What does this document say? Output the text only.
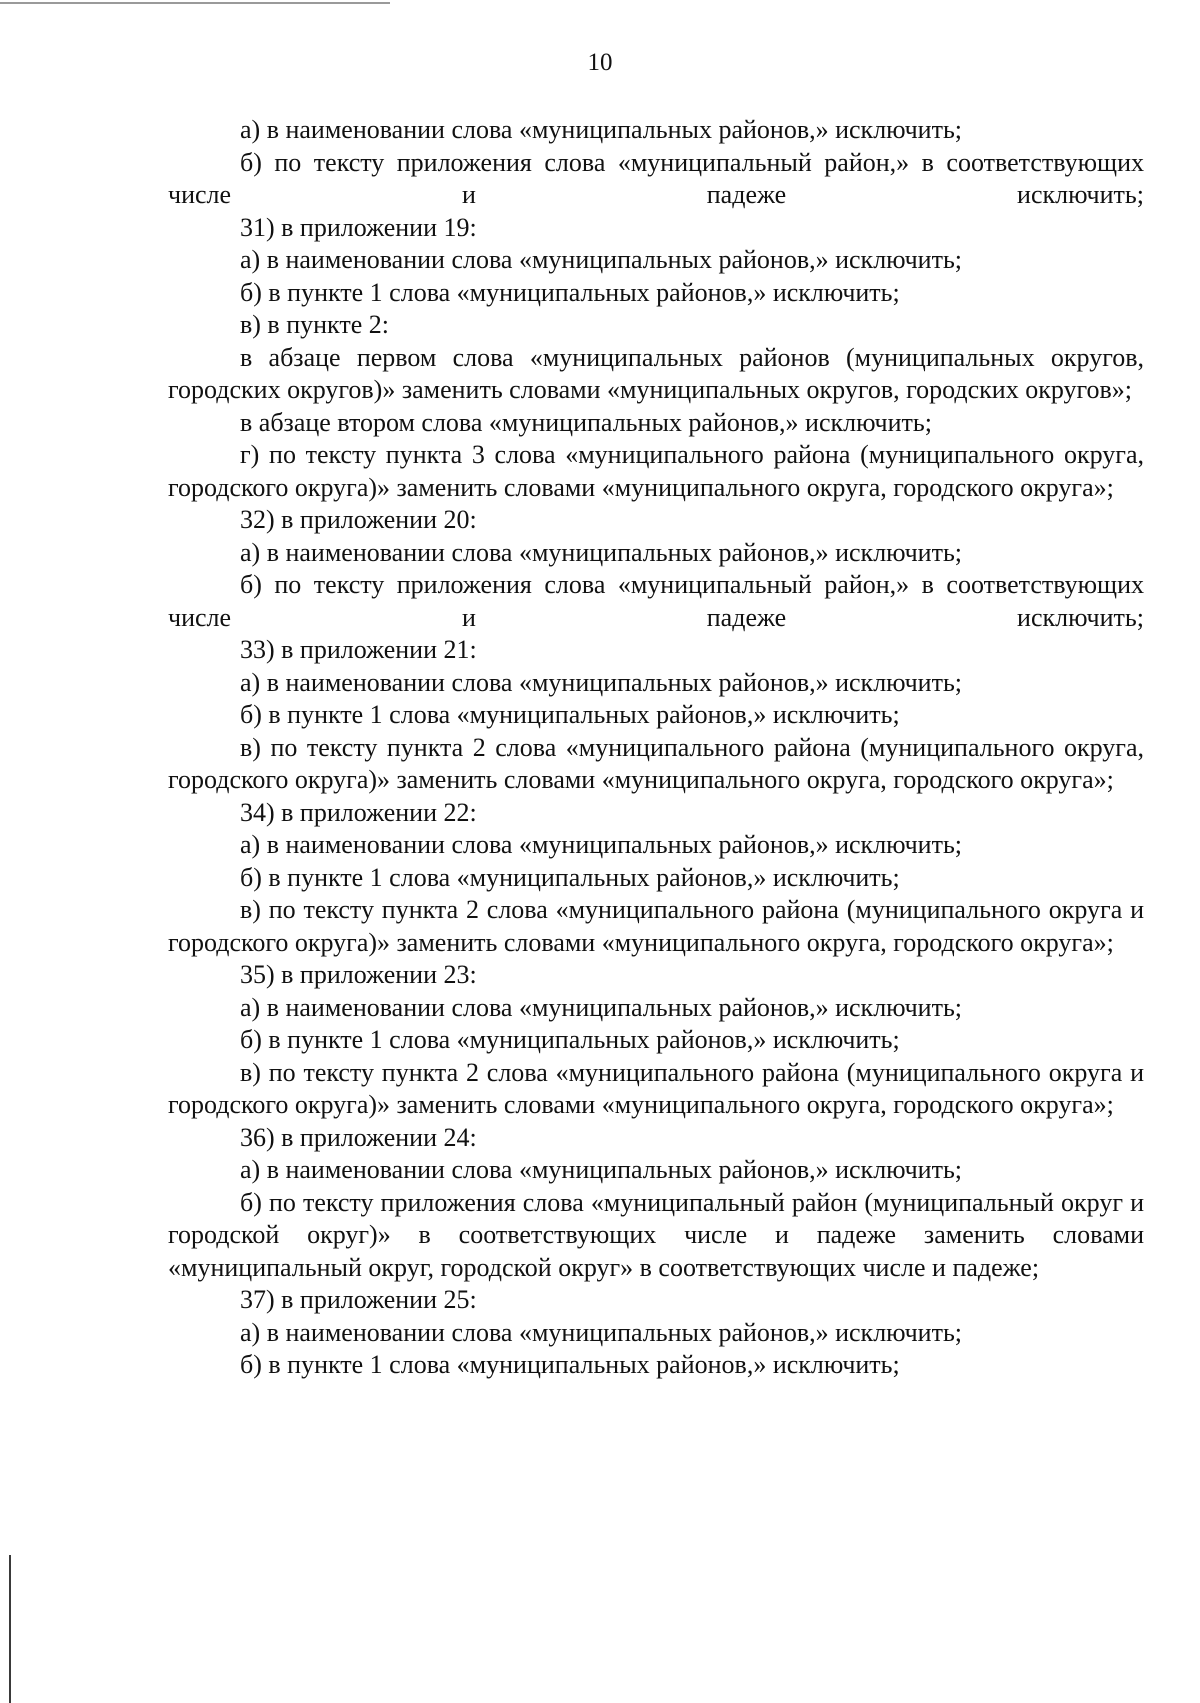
10

а) в наименовании слова «муниципальных районов,» исключить;

б) по тексту приложения слова «муниципальный район,» в соответствующих числе и падеже исключить;

31) в приложении 19:

а) в наименовании слова «муниципальных районов,» исключить;

б) в пункте 1 слова «муниципальных районов,» исключить;

в) в пункте 2:

в абзаце первом слова «муниципальных районов (муниципальных округов, городских округов)» заменить словами «муниципальных округов, городских округов»;

в абзаце втором слова «муниципальных районов,» исключить;

г) по тексту пункта 3 слова «муниципального района (муниципального округа, городского округа)» заменить словами «муниципального округа, городского округа»;

32) в приложении 20:

а) в наименовании слова «муниципальных районов,» исключить;

б) по тексту приложения слова «муниципальный район,» в соответствующих числе и падеже исключить;

33) в приложении 21:

а) в наименовании слова «муниципальных районов,» исключить;

б) в пункте 1 слова «муниципальных районов,» исключить;

в) по тексту пункта 2 слова «муниципального района (муниципального округа, городского округа)» заменить словами «муниципального округа, городского округа»;

34) в приложении 22:

а) в наименовании слова «муниципальных районов,» исключить;

б) в пункте 1 слова «муниципальных районов,» исключить;

в) по тексту пункта 2 слова «муниципального района (муниципального округа и городского округа)» заменить словами «муниципального округа, городского округа»;

35) в приложении 23:

а) в наименовании слова «муниципальных районов,» исключить;

б) в пункте 1 слова «муниципальных районов,» исключить;

в) по тексту пункта 2 слова «муниципального района (муниципального округа и городского округа)» заменить словами «муниципального округа, городского округа»;

36) в приложении 24:

а) в наименовании слова «муниципальных районов,» исключить;

б) по тексту приложения слова «муниципальный район (муниципальный округ и городской округ)» в соответствующих числе и падеже заменить словами «муниципальный округ, городской округ» в соответствующих числе и падеже;

37) в приложении 25:

а) в наименовании слова «муниципальных районов,» исключить;

б) в пункте 1 слова «муниципальных районов,» исключить;
